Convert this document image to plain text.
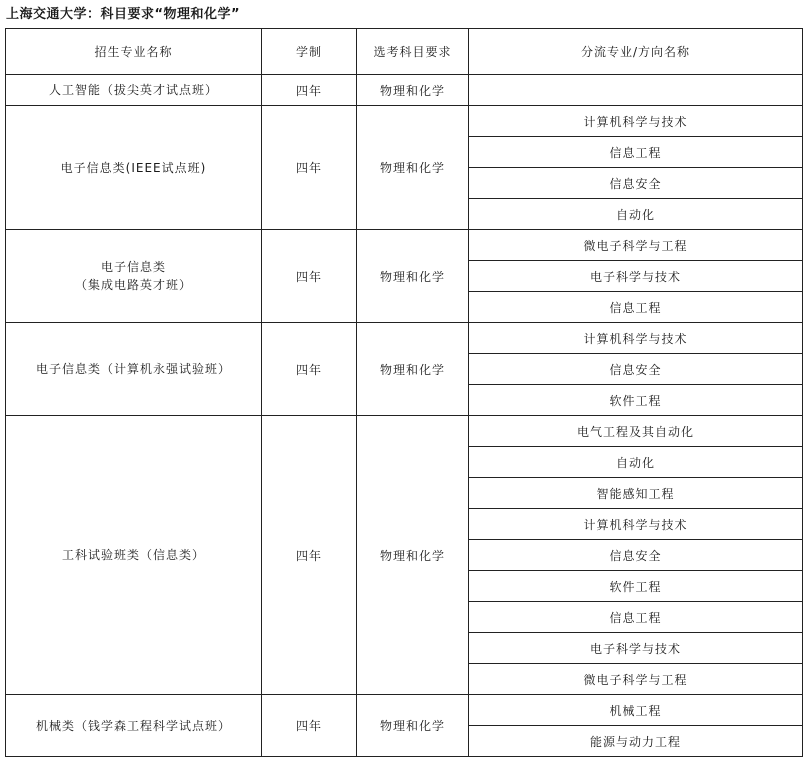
上海交通大学：科目要求“物理和化学”
招生专业名称	学制	选考科目要求	分流专业/方向名称

人工智能（拔尖英才试点班）	四年	物理和化学	

电子信息类(IEEE试点班)	四年	物理和化学	计算机科学与技术
			信息工程
			信息安全
			自动化

电子信息类
（集成电路英才班）	四年	物理和化学	微电子科学与工程
			电子科学与技术
			信息工程

电子信息类（计算机永强试验班）	四年	物理和化学	计算机科学与技术
			信息安全
			软件工程

工科试验班类（信息类）	四年	物理和化学	电气工程及其自动化
			自动化
			智能感知工程
			计算机科学与技术
			信息安全
			软件工程
			信息工程
			电子科学与技术
			微电子科学与工程

机械类（钱学森工程科学试点班）	四年	物理和化学	机械工程
			能源与动力工程
